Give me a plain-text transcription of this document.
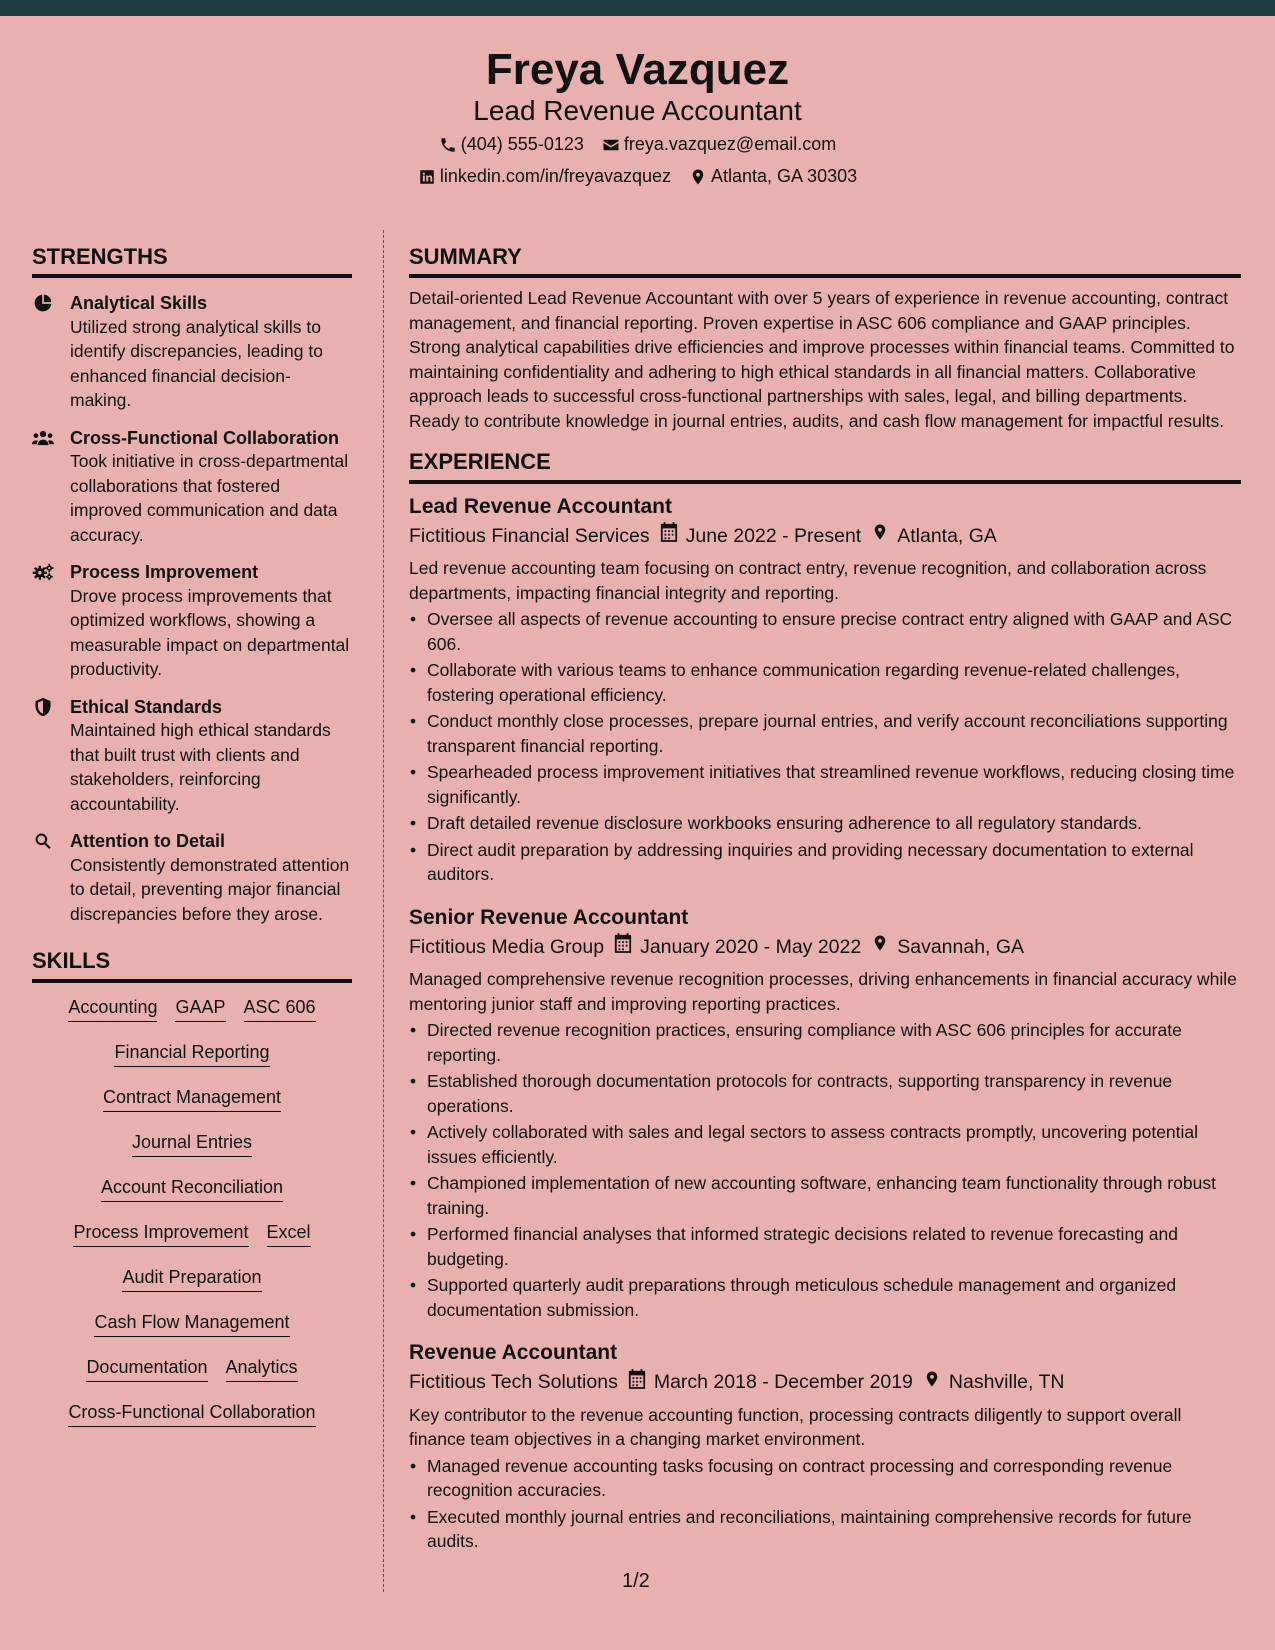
Freya Vazquez
Lead Revenue Accountant
(404) 555-0123 freya.vazquez@email.com
linkedin.com/in/freyavazquez Atlanta, GA 30303
STRENGTHS
Analytical Skills
Utilized strong analytical skills to identify discrepancies, leading to enhanced financial decision-making.
Cross-Functional Collaboration
Took initiative in cross-departmental collaborations that fostered improved communication and data accuracy.
Process Improvement
Drove process improvements that optimized workflows, showing a measurable impact on departmental productivity.
Ethical Standards
Maintained high ethical standards that built trust with clients and stakeholders, reinforcing accountability.
Attention to Detail
Consistently demonstrated attention to detail, preventing major financial discrepancies before they arose.
SKILLS
Accounting GAAP ASC 606
Financial Reporting
Contract Management
Journal Entries
Account Reconciliation
Process Improvement Excel
Audit Preparation
Cash Flow Management
Documentation Analytics
Cross-Functional Collaboration
SUMMARY
Detail-oriented Lead Revenue Accountant with over 5 years of experience in revenue accounting, contract management, and financial reporting. Proven expertise in ASC 606 compliance and GAAP principles. Strong analytical capabilities drive efficiencies and improve processes within financial teams. Committed to maintaining confidentiality and adhering to high ethical standards in all financial matters. Collaborative approach leads to successful cross-functional partnerships with sales, legal, and billing departments. Ready to contribute knowledge in journal entries, audits, and cash flow management for impactful results.
EXPERIENCE
Lead Revenue Accountant
Fictitious Financial Services June 2022 - Present Atlanta, GA
Led revenue accounting team focusing on contract entry, revenue recognition, and collaboration across departments, impacting financial integrity and reporting.
• Oversee all aspects of revenue accounting to ensure precise contract entry aligned with GAAP and ASC 606.
• Collaborate with various teams to enhance communication regarding revenue-related challenges, fostering operational efficiency.
• Conduct monthly close processes, prepare journal entries, and verify account reconciliations supporting transparent financial reporting.
• Spearheaded process improvement initiatives that streamlined revenue workflows, reducing closing time significantly.
• Draft detailed revenue disclosure workbooks ensuring adherence to all regulatory standards.
• Direct audit preparation by addressing inquiries and providing necessary documentation to external auditors.
Senior Revenue Accountant
Fictitious Media Group January 2020 - May 2022 Savannah, GA
Managed comprehensive revenue recognition processes, driving enhancements in financial accuracy while mentoring junior staff and improving reporting practices.
• Directed revenue recognition practices, ensuring compliance with ASC 606 principles for accurate reporting.
• Established thorough documentation protocols for contracts, supporting transparency in revenue operations.
• Actively collaborated with sales and legal sectors to assess contracts promptly, uncovering potential issues efficiently.
• Championed implementation of new accounting software, enhancing team functionality through robust training.
• Performed financial analyses that informed strategic decisions related to revenue forecasting and budgeting.
• Supported quarterly audit preparations through meticulous schedule management and organized documentation submission.
Revenue Accountant
Fictitious Tech Solutions March 2018 - December 2019 Nashville, TN
Key contributor to the revenue accounting function, processing contracts diligently to support overall finance team objectives in a changing market environment.
• Managed revenue accounting tasks focusing on contract processing and corresponding revenue recognition accuracies.
• Executed monthly journal entries and reconciliations, maintaining comprehensive records for future audits.
1/2
